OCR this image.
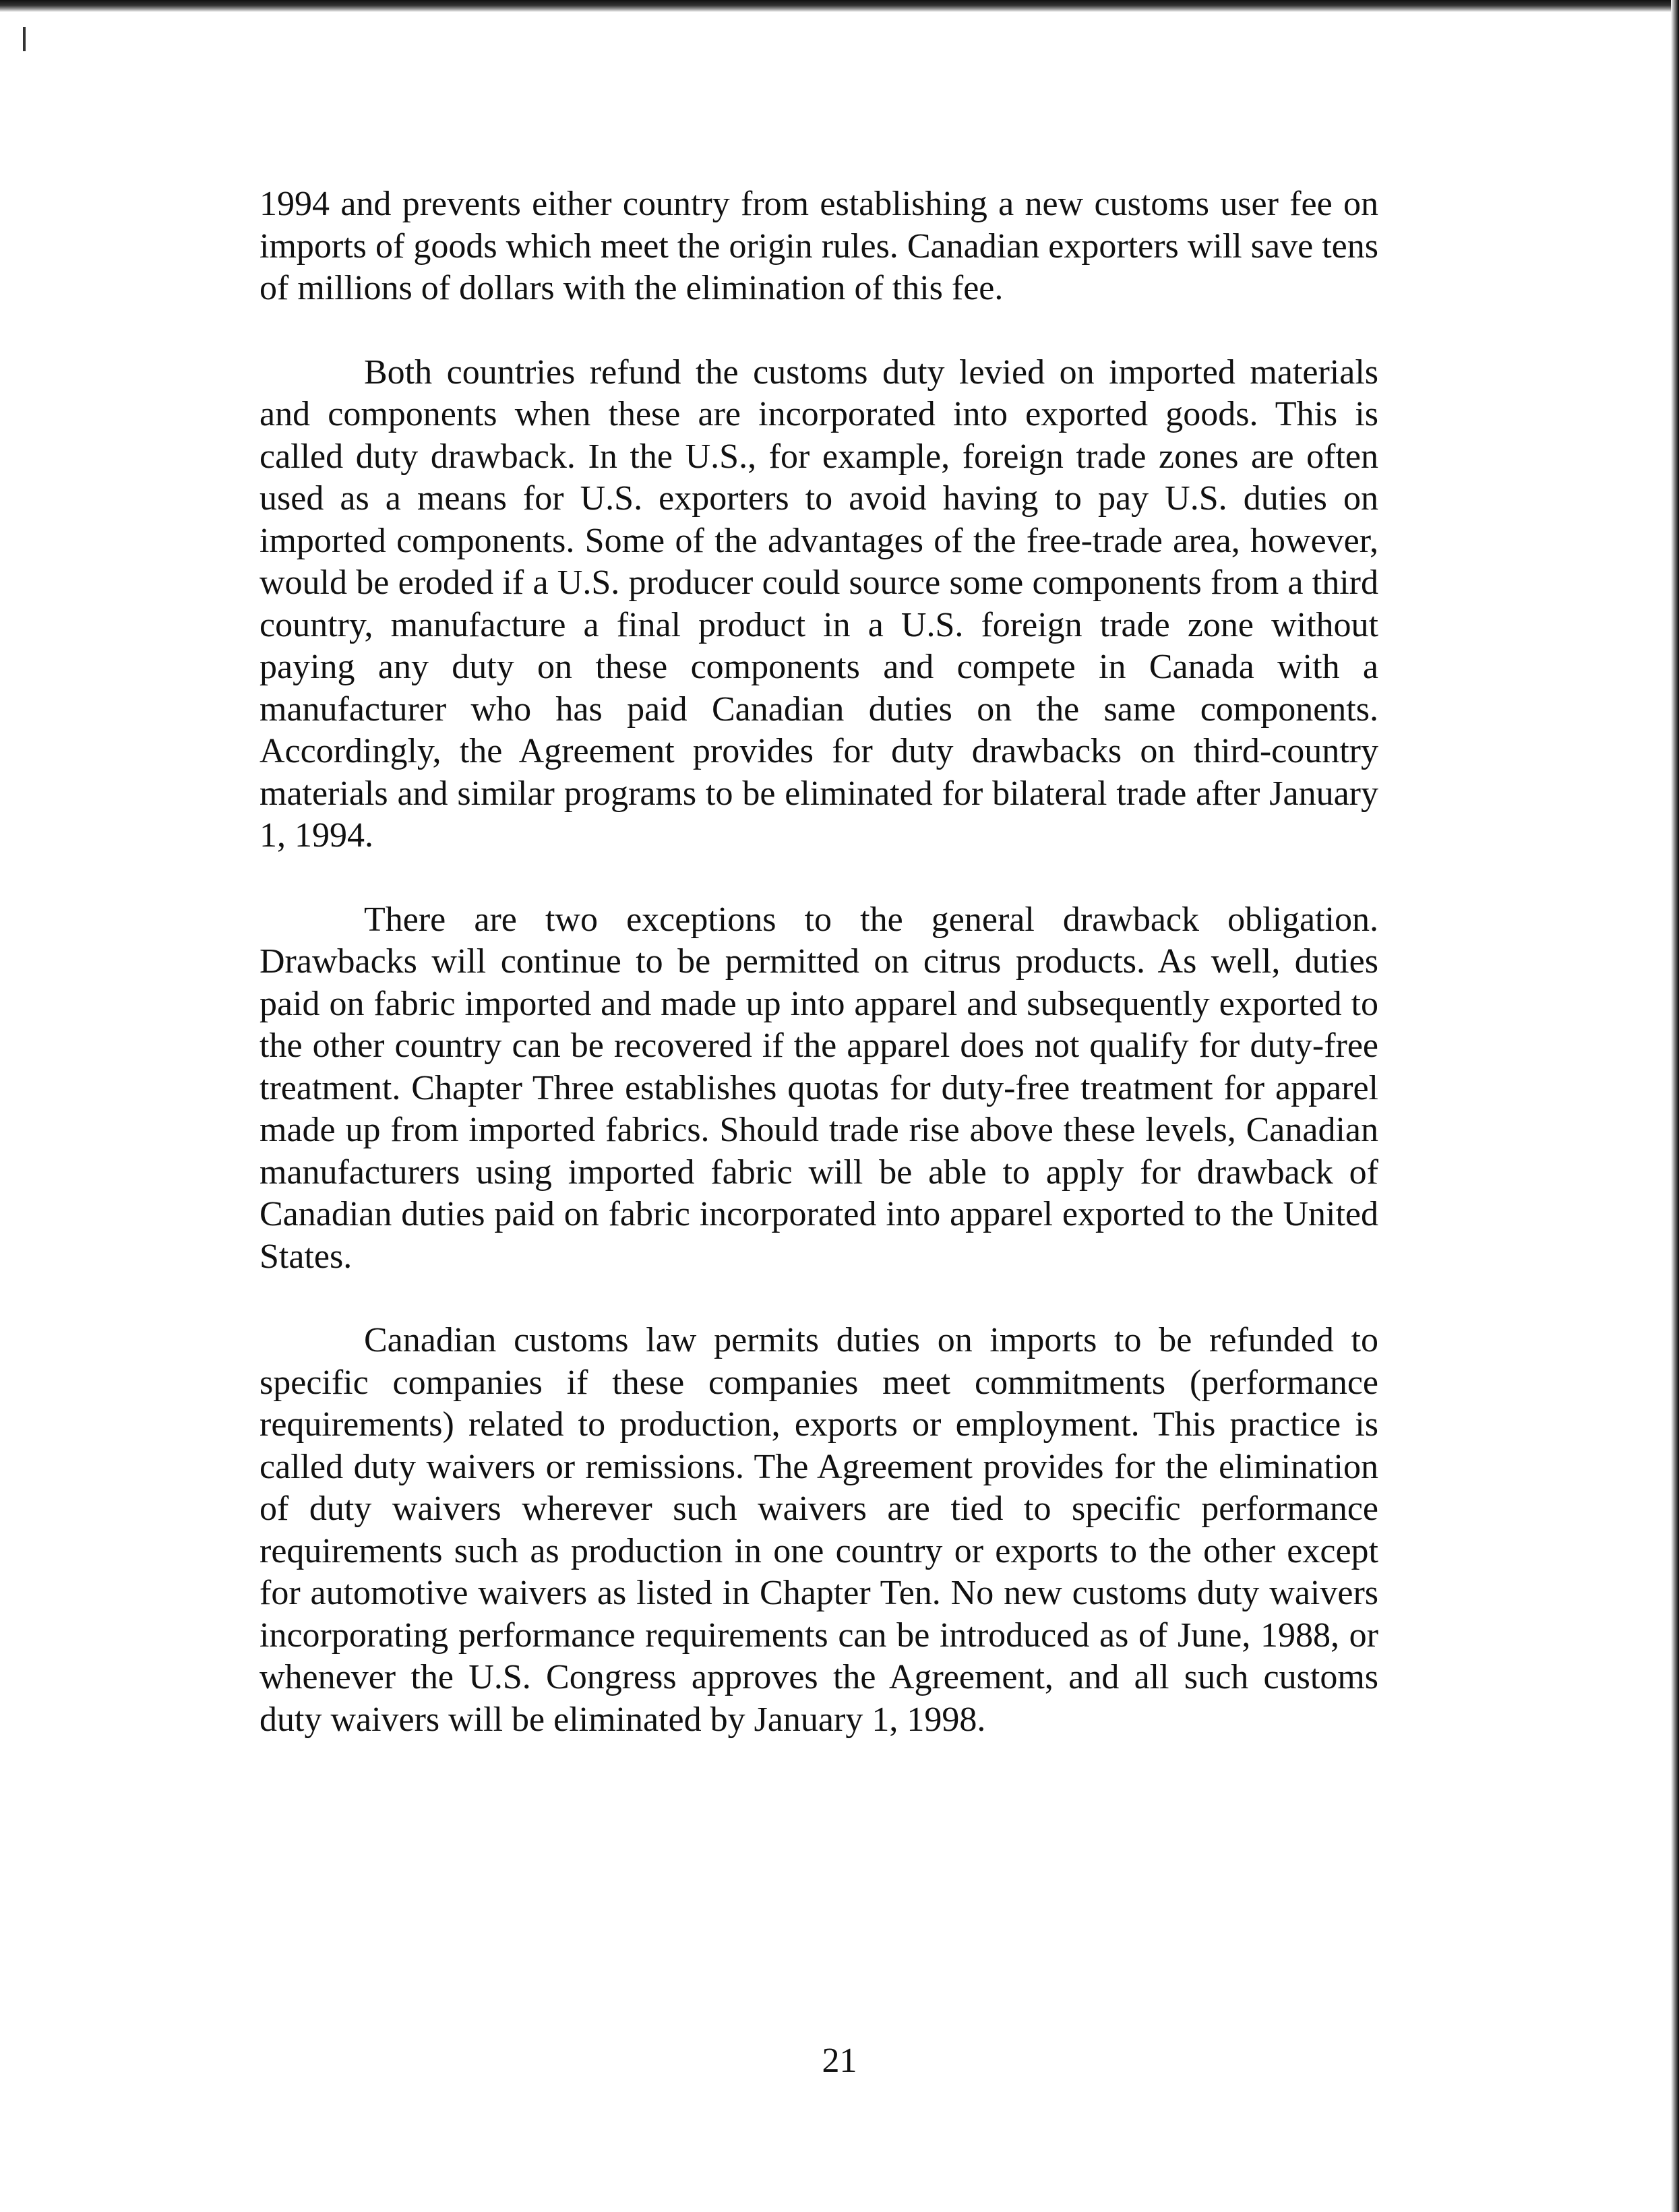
1994 and prevents either country from establishing a new customs user fee on imports of goods which meet the origin rules. Canadian exporters will save tens of millions of dollars with the elimination of this fee.

Both countries refund the customs duty levied on imported materials and components when these are incorporated into exported goods. This is called duty drawback. In the U.S., for example, foreign trade zones are often used as a means for U.S. exporters to avoid having to pay U.S. duties on imported components. Some of the advantages of the free-trade area, however, would be eroded if a U.S. producer could source some components from a third country, manufacture a final product in a U.S. foreign trade zone without paying any duty on these components and compete in Canada with a manufacturer who has paid Canadian duties on the same components. Accordingly, the Agreement provides for duty drawbacks on third-country materials and similar programs to be eliminated for bilateral trade after January 1, 1994.

There are two exceptions to the general drawback obligation. Drawbacks will continue to be permitted on citrus products. As well, duties paid on fabric imported and made up into apparel and subsequently exported to the other country can be recovered if the apparel does not qualify for duty-free treatment. Chapter Three establishes quotas for duty-free treatment for apparel made up from imported fabrics. Should trade rise above these levels, Canadian manufacturers using imported fabric will be able to apply for drawback of Canadian duties paid on fabric incorporated into apparel exported to the United States.

Canadian customs law permits duties on imports to be refunded to specific companies if these companies meet commitments (performance requirements) related to production, exports or employment. This practice is called duty waivers or remissions. The Agreement provides for the elimination of duty waivers wherever such waivers are tied to specific performance requirements such as production in one country or exports to the other except for automotive waivers as listed in Chapter Ten. No new customs duty waivers incorporating performance requirements can be introduced as of June, 1988, or whenever the U.S. Congress approves the Agreement, and all such customs duty waivers will be eliminated by January 1, 1998.

21
